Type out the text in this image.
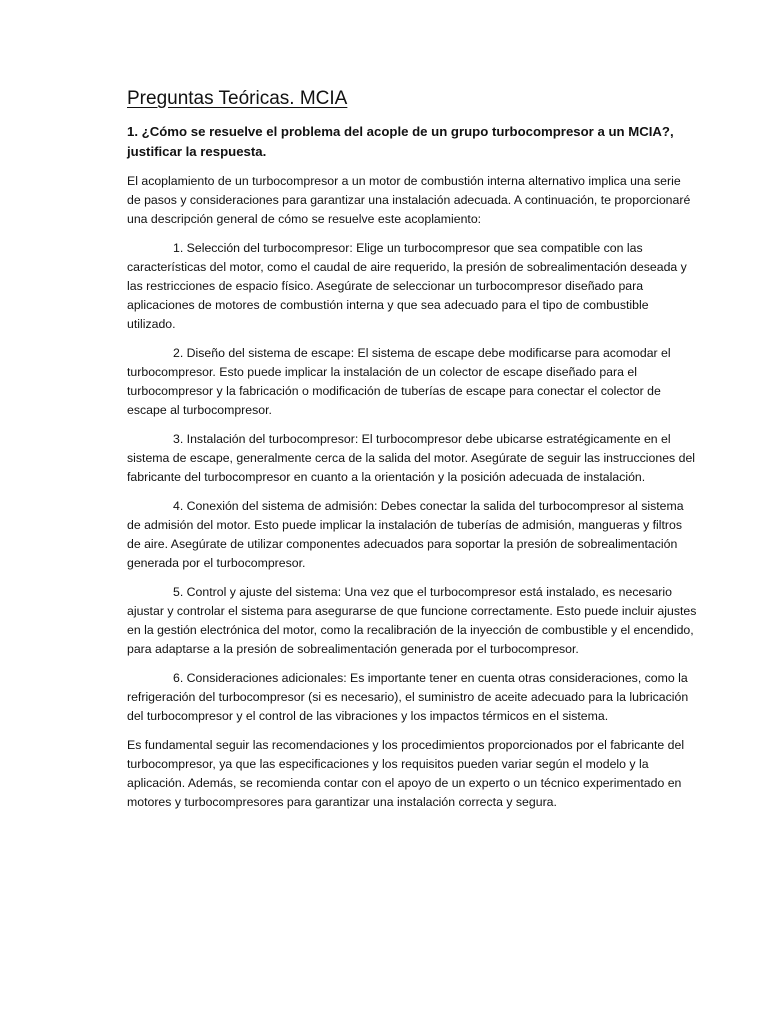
Preguntas Teóricas. MCIA

1. ¿Cómo se resuelve el problema del acople de un grupo turbocompresor a un MCIA?, justificar la respuesta.

El acoplamiento de un turbocompresor a un motor de combustión interna alternativo implica una serie de pasos y consideraciones para garantizar una instalación adecuada. A continuación, te proporcionaré una descripción general de cómo se resuelve este acoplamiento:

1. Selección del turbocompresor: Elige un turbocompresor que sea compatible con las características del motor, como el caudal de aire requerido, la presión de sobrealimentación deseada y las restricciones de espacio físico. Asegúrate de seleccionar un turbocompresor diseñado para aplicaciones de motores de combustión interna y que sea adecuado para el tipo de combustible utilizado.

2. Diseño del sistema de escape: El sistema de escape debe modificarse para acomodar el turbocompresor. Esto puede implicar la instalación de un colector de escape diseñado para el turbocompresor y la fabricación o modificación de tuberías de escape para conectar el colector de escape al turbocompresor.

3. Instalación del turbocompresor: El turbocompresor debe ubicarse estratégicamente en el sistema de escape, generalmente cerca de la salida del motor. Asegúrate de seguir las instrucciones del fabricante del turbocompresor en cuanto a la orientación y la posición adecuada de instalación.

4. Conexión del sistema de admisión: Debes conectar la salida del turbocompresor al sistema de admisión del motor. Esto puede implicar la instalación de tuberías de admisión, mangueras y filtros de aire. Asegúrate de utilizar componentes adecuados para soportar la presión de sobrealimentación generada por el turbocompresor.

5. Control y ajuste del sistema: Una vez que el turbocompresor está instalado, es necesario ajustar y controlar el sistema para asegurarse de que funcione correctamente. Esto puede incluir ajustes en la gestión electrónica del motor, como la recalibración de la inyección de combustible y el encendido, para adaptarse a la presión de sobrealimentación generada por el turbocompresor.

6. Consideraciones adicionales: Es importante tener en cuenta otras consideraciones, como la refrigeración del turbocompresor (si es necesario), el suministro de aceite adecuado para la lubricación del turbocompresor y el control de las vibraciones y los impactos térmicos en el sistema.

Es fundamental seguir las recomendaciones y los procedimientos proporcionados por el fabricante del turbocompresor, ya que las especificaciones y los requisitos pueden variar según el modelo y la aplicación. Además, se recomienda contar con el apoyo de un experto o un técnico experimentado en motores y turbocompresores para garantizar una instalación correcta y segura.
